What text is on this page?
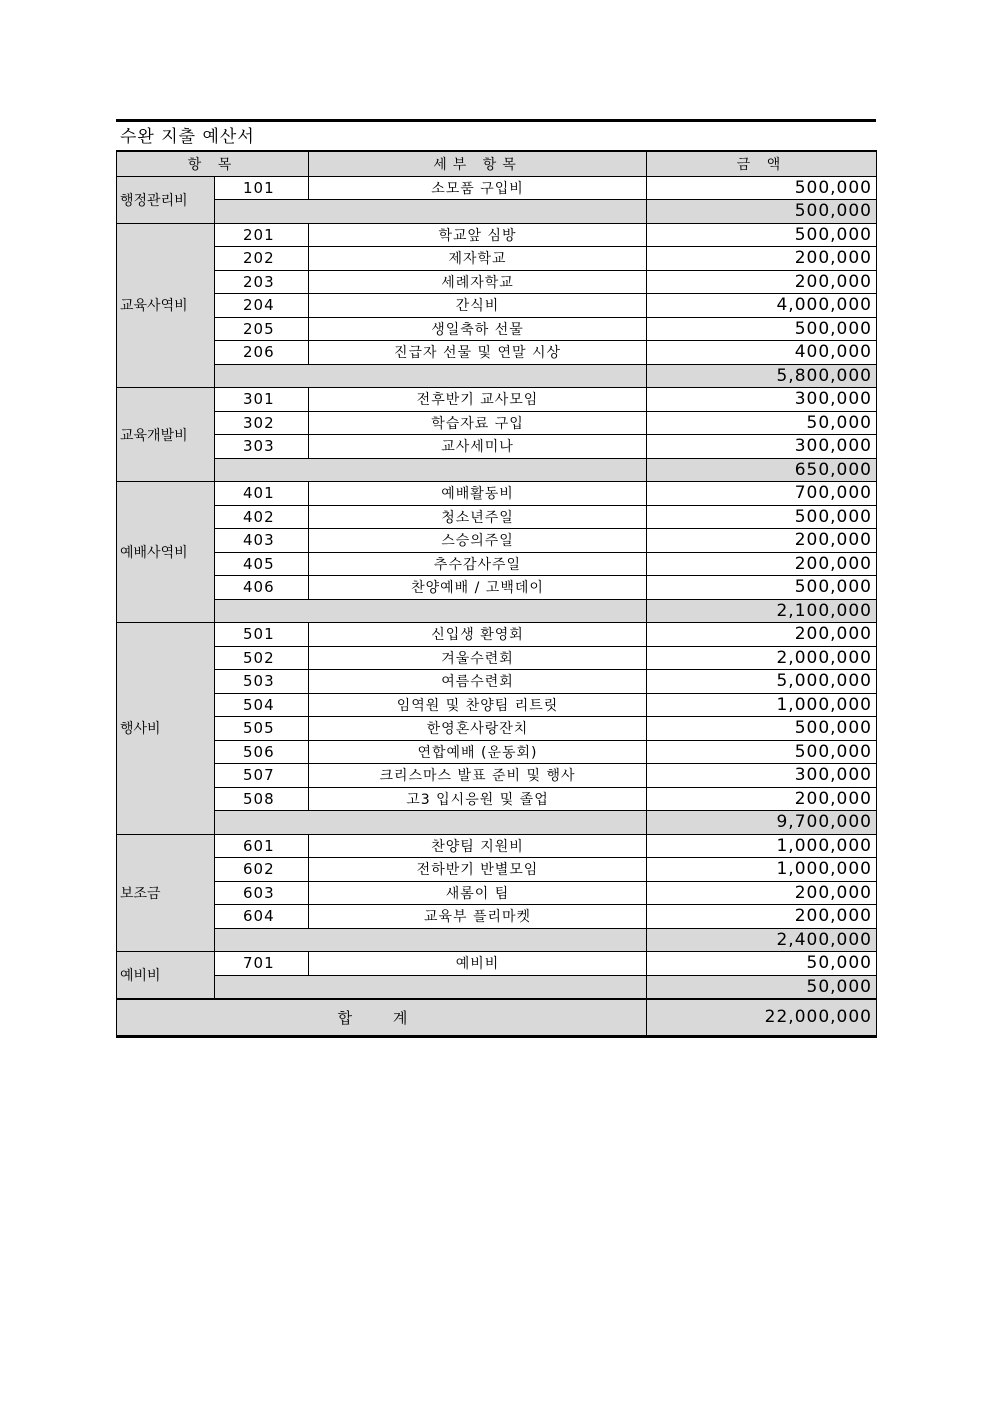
수완 지출 예산서
항 목		세부 항목	금 액
행정관리비	101	소모품 구입비	500,000
			500,000
교육사역비	201	학교앞 심방	500,000
	202	제자학교	200,000
	203	세례자학교	200,000
	204	간식비	4,000,000
	205	생일축하 선물	500,000
	206	진급자 선물 및 연말 시상	400,000
			5,800,000
교육개발비	301	전후반기 교사모임	300,000
	302	학습자료 구입	50,000
	303	교사세미나	300,000
			650,000
예배사역비	401	예배활동비	700,000
	402	청소년주일	500,000
	403	스승의주일	200,000
	405	추수감사주일	200,000
	406	찬양예배 / 고백데이	500,000
			2,100,000
행사비	501	신입생 환영회	200,000
	502	겨울수련회	2,000,000
	503	여름수련회	5,000,000
	504	임역원 및 찬양팀 리트릿	1,000,000
	505	한영혼사랑잔치	500,000
	506	연합예배 (운동회)	500,000
	507	크리스마스 발표 준비 및 행사	300,000
	508	고3 입시응원 및 졸업	200,000
			9,700,000
보조금	601	찬양팀 지원비	1,000,000
	602	전하반기 반별모임	1,000,000
	603	새롬이 팀	200,000
	604	교육부 플리마켓	200,000
			2,400,000
예비비	701	예비비	50,000
			50,000
합 계			22,000,000
